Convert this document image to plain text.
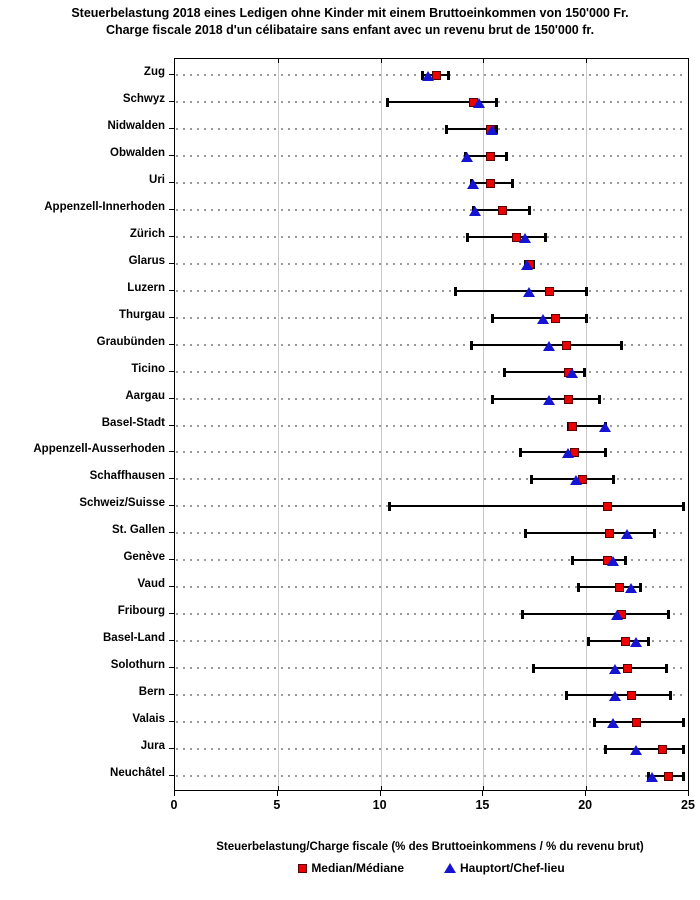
Steuerbelastung 2018 eines Ledigen ohne Kinder mit einem Bruttoeinkommen von 150'000 Fr.
Charge fiscale 2018 d'un célibataire sans enfant avec un revenu brut de 150'000 fr.
Steuerbelastung/Charge fiscale (% des Bruttoeinkommens / % du revenu brut)
Median/Médiane	Hauptort/Chef-lieu
0	5	10	15	20	25
Zug
Schwyz
Nidwalden
Obwalden
Uri
Appenzell-Innerhoden
Zürich
Glarus
Luzern
Thurgau
Graubünden
Ticino
Aargau
Basel-Stadt
Appenzell-Ausserhoden
Schaffhausen
Schweiz/Suisse
St. Gallen
Genève
Vaud
Fribourg
Basel-Land
Solothurn
Bern
Valais
Jura
Neuchâtel
